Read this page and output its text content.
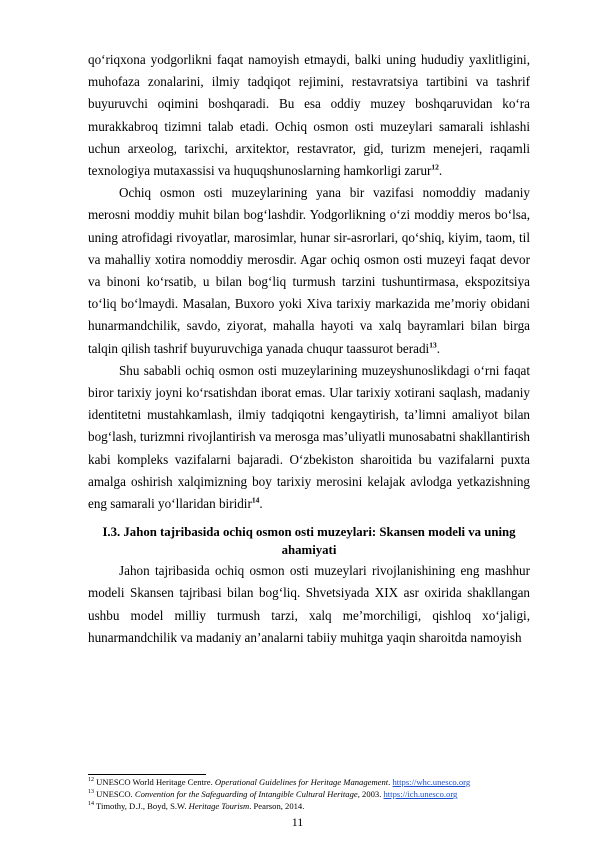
qo‘riqxona yodgorlikni faqat namoyish etmaydi, balki uning hududiy yaxlitligini, muhofaza zonalarini, ilmiy tadqiqot rejimini, restavratsiya tartibini va tashrif buyuruvchi oqimini boshqaradi. Bu esa oddiy muzey boshqaruvidan ko‘ra murakkabroq tizimni talab etadi. Ochiq osmon osti muzeylari samarali ishlashi uchun arxeolog, tarixchi, arxitektor, restavrator, gid, turizm menejeri, raqamli texnologiya mutaxassisi va huquqshunoslarning hamkorligi zarur$^{12}$.

Ochiq osmon osti muzeylarining yana bir vazifasi nomoddiy madaniy merosni moddiy muhit bilan bog‘lashdir. Yodgorlikning o‘zi moddiy meros bo‘lsa, uning atrofidagi rivoyatlar, marosimlar, hunar sir-asrorlari, qo‘shiq, kiyim, taom, til va mahalliy xotira nomoddiy merosdir. Agar ochiq osmon osti muzeyi faqat devor va binoni ko‘rsatib, u bilan bog‘liq turmush tarzini tushuntirmasa, ekspozitsiya to‘liq bo‘lmaydi. Masalan, Buxoro yoki Xiva tarixiy markazida me’moriy obidani hunarmandchilik, savdo, ziyorat, mahalla hayoti va xalq bayramlari bilan birga talqin qilish tashrif buyuruvchiga yanada chuqur taassurot beradi$^{13}$.

Shu sababli ochiq osmon osti muzeylarining muzeyshunoslikdagi o‘rni faqat biror tarixiy joyni ko‘rsatishdan iborat emas. Ular tarixiy xotirani saqlash, madaniy identitetni mustahkamlash, ilmiy tadqiqotni kengaytirish, ta’limni amaliyot bilan bog‘lash, turizmni rivojlantirish va merosga mas’uliyatli munosabatni shakllantirish kabi kompleks vazifalarni bajaradi. O‘zbekiston sharoitida bu vazifalarni puxta amalga oshirish xalqimizning boy tarixiy merosini kelajak avlodga yetkazishning eng samarali yo‘llaridan biridir$^{14}$.

I.3. Jahon tajribasida ochiq osmon osti muzeylari: Skansen modeli va uning ahamiyati

Jahon tajribasida ochiq osmon osti muzeylari rivojlanishining eng mashhur modeli Skansen tajribasi bilan bog‘liq. Shvetsiyada XIX asr oxirida shakllangan ushbu model milliy turmush tarzi, xalq me’morchiligi, qishloq xo‘jaligi, hunarmandchilik va madaniy an’analarni tabiiy muhitga yaqin sharoitda namoyish

$^{12}$ UNESCO World Heritage Centre. Operational Guidelines for Heritage Management. https://whc.unesco.org

$^{13}$ UNESCO. Convention for the Safeguarding of Intangible Cultural Heritage, 2003. https://ich.unesco.org

$^{14}$ Timothy, D.J., Boyd, S.W. Heritage Tourism. Pearson, 2014.

11
